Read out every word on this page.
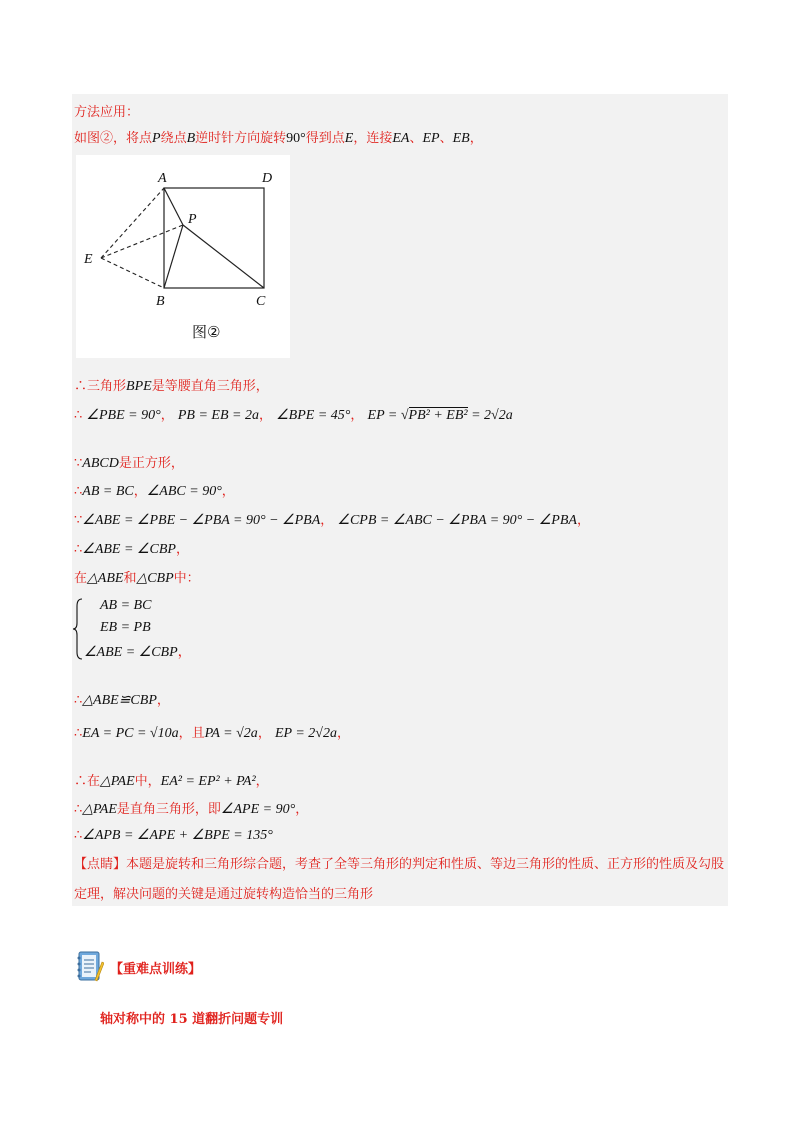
方法应用：
如图②，将点P绕点B逆时针方向旋转90°得到点E，连接EA、EP、EB，
A	D
P
E
B	C
图②
∴三角形BPE是等腰直角三角形，
∴ ∠PBE = 90°， PB = EB = 2a， ∠BPE = 45°， EP = √PB² + EB² = 2√2a
∵ABCD是正方形，
∴AB = BC，∠ABC = 90°，
∵∠ABE = ∠PBE − ∠PBA = 90° − ∠PBA， ∠CPB = ∠ABC − ∠PBA = 90° − ∠PBA，
∴∠ABE = ∠CBP，
在△ABE和△CBP中：
AB = BC
EB = PB
∠ABE = ∠CBP，
∴△ABE≌CBP，
∴EA = PC = √10a，且PA = √2a， EP = 2√2a，
∴在△PAE中，EA² = EP² + PA²，
∴△PAE是直角三角形，即∠APE = 90°，
∴∠APB = ∠APE + ∠BPE = 135°
【点睛】本题是旋转和三角形综合题，考查了全等三角形的判定和性质、等边三角形的性质、正方形的性质及勾股定理，解决问题的关键是通过旋转构造恰当的三角形
【重难点训练】
轴对称中的 15 道翻折问题专训
